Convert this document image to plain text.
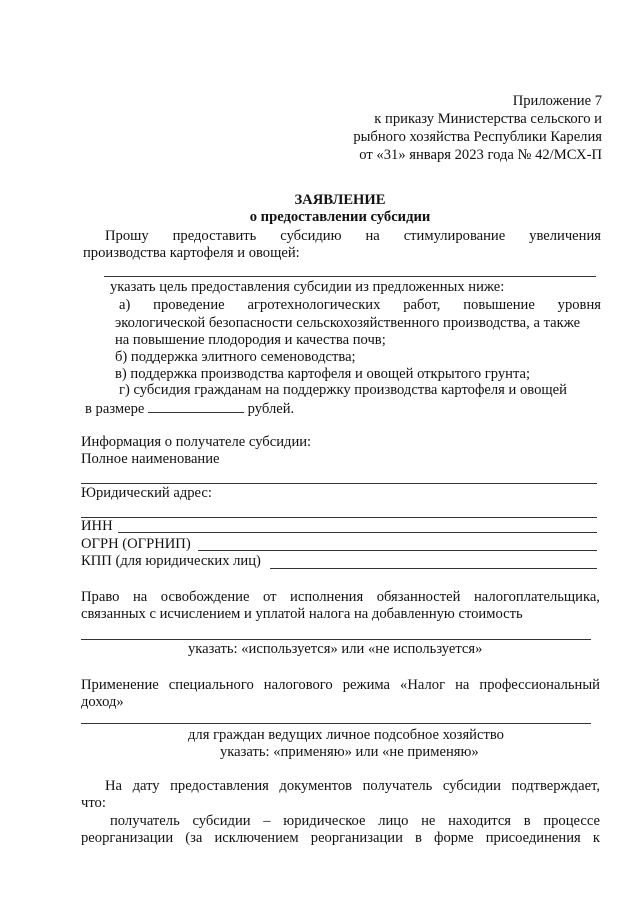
Приложение 7
к приказу Министерства сельского и
рыбного хозяйства Республики Карелия
от «31» января 2023 года № 42/МСХ-П
ЗАЯВЛЕНИЕ
о предоставлении субсидии
Прошу предоставить субсидию на стимулирование увеличения
производства картофеля и овощей:
указать цель предоставления субсидии из предложенных ниже:
а) проведение агротехнологических работ, повышение уровня
экологической безопасности сельскохозяйственного производства, а также
на повышение плодородия и качества почв;
б) поддержка элитного семеноводства;
в) поддержка производства картофеля и овощей открытого грунта;
г) субсидия гражданам на поддержку производства картофеля и овощей
в размере	рублей.
Информация о получателе субсидии:
Полное наименование
Юридический адрес:
ИНН
ОГРН (ОГРНИП)
КПП (для юридических лиц)
Право на освобождение от исполнения обязанностей налогоплательщика,
связанных с исчислением и уплатой налога на добавленную стоимость
указать: «используется» или «не используется»
Применение специального налогового режима «Налог на профессиональный
доход»
для граждан ведущих личное подсобное хозяйство
указать: «применяю» или «не применяю»
На дату предоставления документов получатель субсидии подтверждает,
что:
получатель субсидии – юридическое лицо не находится в процессе
реорганизации (за исключением реорганизации в форме присоединения к
